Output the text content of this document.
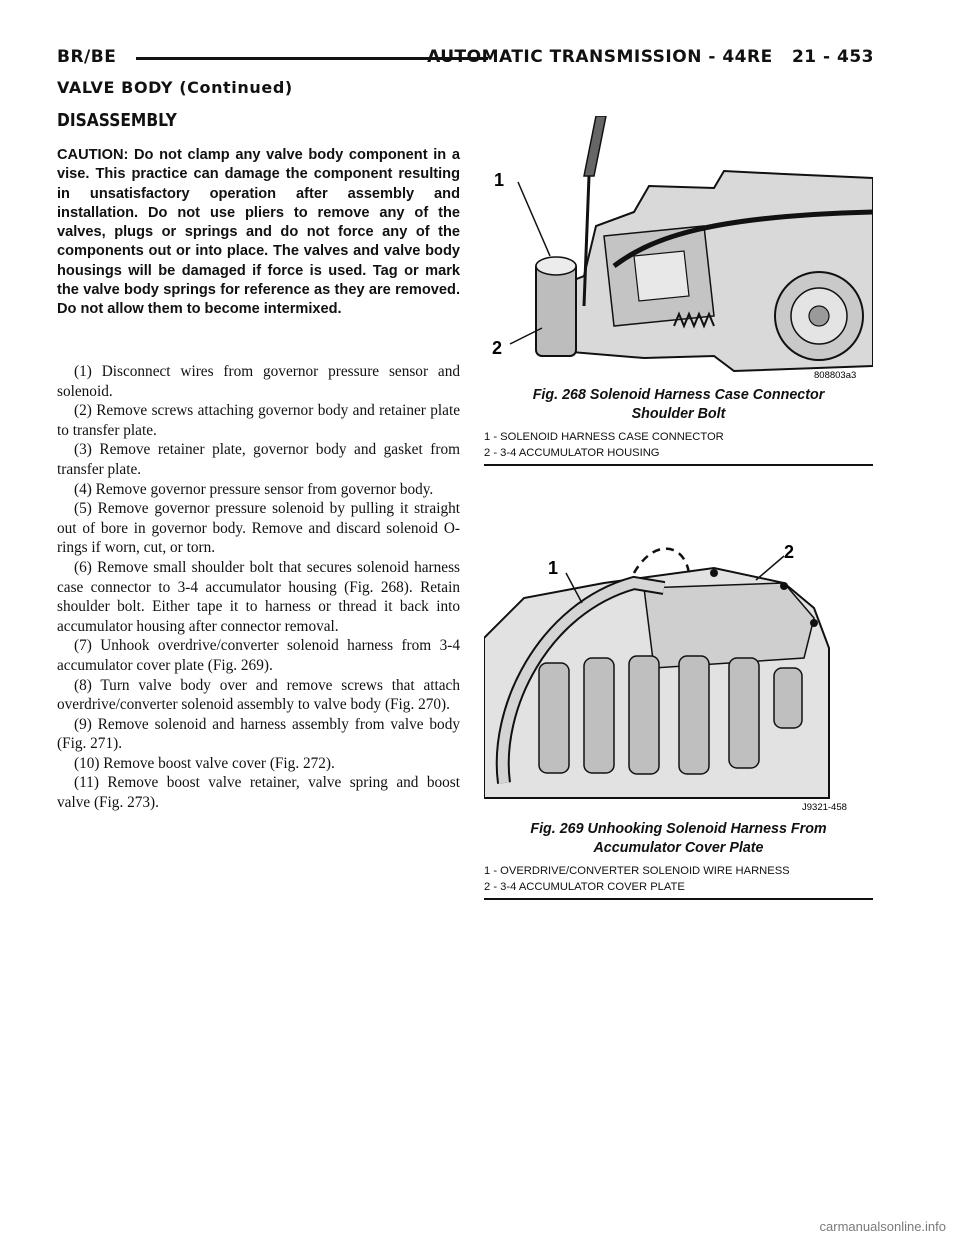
BR/BE	AUTOMATIC TRANSMISSION - 44RE 21 - 453
VALVE BODY (Continued)
DISASSEMBLY
CAUTION: Do not clamp any valve body component in a vise. This practice can damage the component resulting in unsatisfactory operation after assembly and installation. Do not use pliers to remove any of the valves, plugs or springs and do not force any of the components out or into place. The valves and valve body housings will be damaged if force is used. Tag or mark the valve body springs for reference as they are removed. Do not allow them to become intermixed.

(1) Disconnect wires from governor pressure sensor and solenoid.

(2) Remove screws attaching governor body and retainer plate to transfer plate.

(3) Remove retainer plate, governor body and gasket from transfer plate.

(4) Remove governor pressure sensor from governor body.

(5) Remove governor pressure solenoid by pulling it straight out of bore in governor body. Remove and discard solenoid O-rings if worn, cut, or torn.

(6) Remove small shoulder bolt that secures solenoid harness case connector to 3-4 accumulator housing (Fig. 268). Retain shoulder bolt. Either tape it to harness or thread it back into accumulator housing after connector removal.

(7) Unhook overdrive/converter solenoid harness from 3-4 accumulator cover plate (Fig. 269).

(8) Turn valve body over and remove screws that attach overdrive/converter solenoid assembly to valve body (Fig. 270).

(9) Remove solenoid and harness assembly from valve body (Fig. 271).

(10) Remove boost valve cover (Fig. 272).

(11) Remove boost valve retainer, valve spring and boost valve (Fig. 273).

1
2
808803a3
Fig. 268 Solenoid Harness Case Connector
Shoulder Bolt
1 - SOLENOID HARNESS CASE CONNECTOR
2 - 3-4 ACCUMULATOR HOUSING
1
2
J9321-458
Fig. 269 Unhooking Solenoid Harness From
Accumulator Cover Plate
1 - OVERDRIVE/CONVERTER SOLENOID WIRE HARNESS
2 - 3-4 ACCUMULATOR COVER PLATE
carmanualsonline.info
